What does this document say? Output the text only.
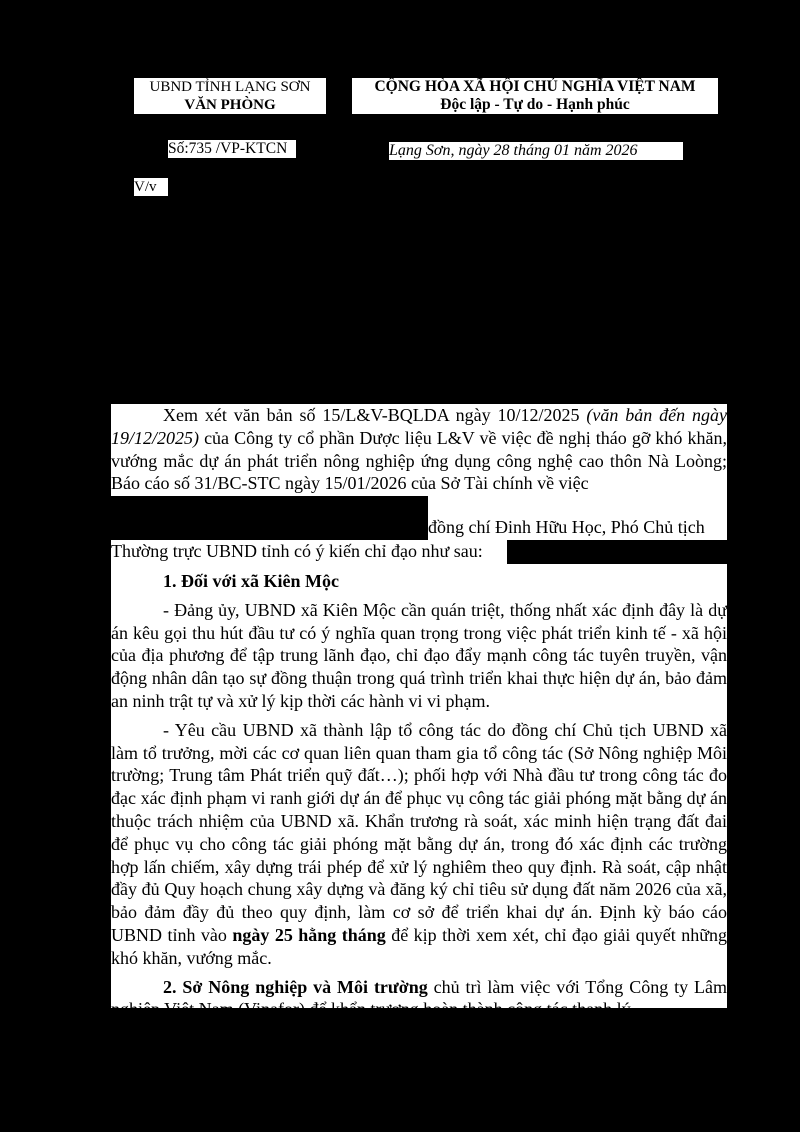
UBND TỈNH LẠNG SƠN
VĂN PHÒNG
CỘNG HÒA XÃ HỘI CHỦ NGHĨA VIỆT NAM
Độc lập - Tự do - Hạnh phúc
Số:735 /VP-KTCN	Lạng Sơn, ngày 28 tháng 01 năm 2026
V/v

Xem xét văn bản số 15/L&V-BQLDA ngày 10/12/2025 (văn bản đến ngày 19/12/2025) của Công ty cổ phần Dược liệu L&V về việc đề nghị tháo gỡ khó khăn, vướng mắc dự án phát triển nông nghiệp ứng dụng công nghệ cao thôn Nà Loòng; Báo cáo số 31/BC-STC ngày 15/01/2026 của Sở Tài chính về việc

đồng chí Đinh Hữu Học, Phó Chủ tịch

Thường trực UBND tỉnh có ý kiến chỉ đạo như sau:

1. Đối với xã Kiên Mộc

- Đảng ủy, UBND xã Kiên Mộc cần quán triệt, thống nhất xác định đây là dự án kêu gọi thu hút đầu tư có ý nghĩa quan trọng trong việc phát triển kinh tế - xã hội của địa phương để tập trung lãnh đạo, chỉ đạo đẩy mạnh công tác tuyên truyền, vận động nhân dân tạo sự đồng thuận trong quá trình triển khai thực hiện dự án, bảo đảm an ninh trật tự và xử lý kịp thời các hành vi vi phạm.

- Yêu cầu UBND xã thành lập tổ công tác do đồng chí Chủ tịch UBND xã làm tổ trưởng, mời các cơ quan liên quan tham gia tổ công tác (Sở Nông nghiệp Môi trường; Trung tâm Phát triển quỹ đất…); phối hợp với Nhà đầu tư trong công tác đo đạc xác định phạm vi ranh giới dự án để phục vụ công tác giải phóng mặt bằng dự án thuộc trách nhiệm của UBND xã. Khẩn trương rà soát, xác minh hiện trạng đất đai để phục vụ cho công tác giải phóng mặt bằng dự án, trong đó xác định các trường hợp lấn chiếm, xây dựng trái phép để xử lý nghiêm theo quy định. Rà soát, cập nhật đầy đủ Quy hoạch chung xây dựng và đăng ký chỉ tiêu sử dụng đất năm 2026 của xã, bảo đảm đầy đủ theo quy định, làm cơ sở để triển khai dự án. Định kỳ báo cáo UBND tỉnh vào ngày 25 hằng tháng để kịp thời xem xét, chỉ đạo giải quyết những khó khăn, vướng mắc.

2. Sở Nông nghiệp và Môi trường chủ trì làm việc với Tổng Công ty Lâm nghiệp Việt Nam (Vinafor) để khẩn trương hoàn thành công tác thanh lý
